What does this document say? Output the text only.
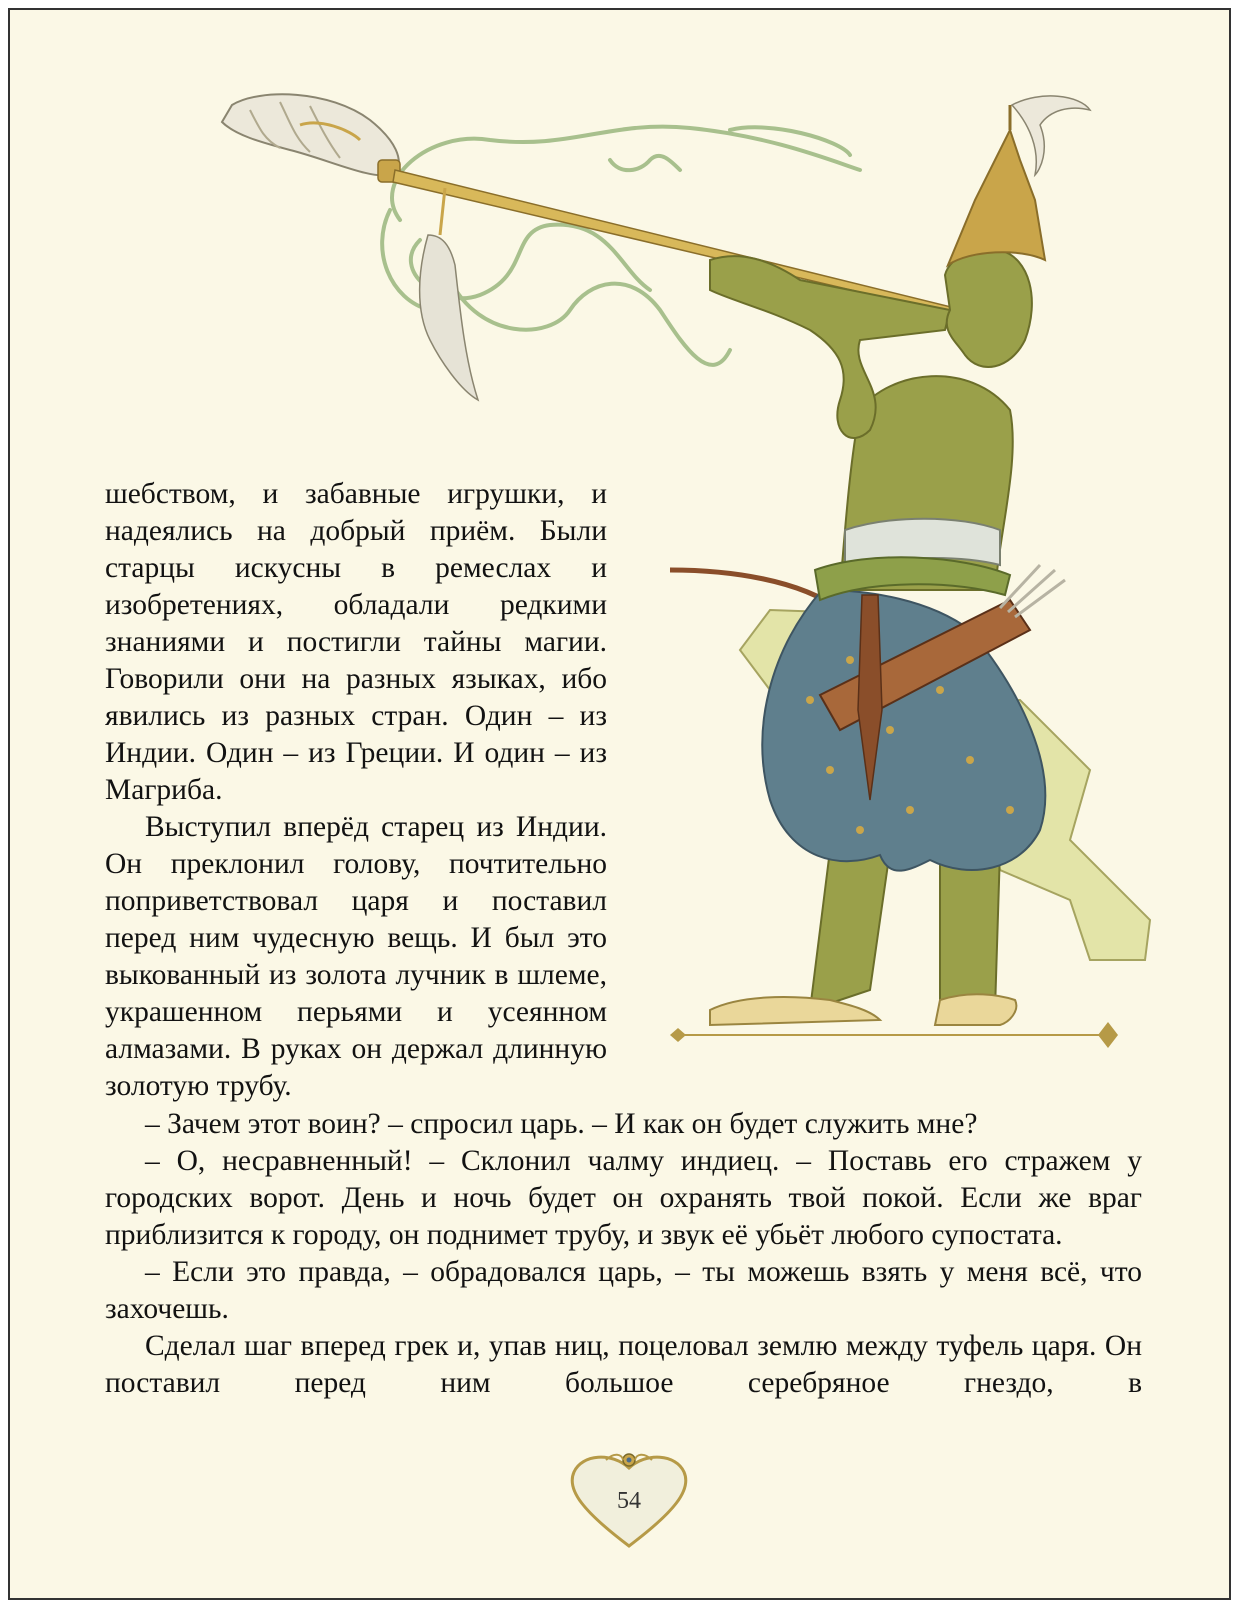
шебством, и забавные игрушки, и надеялись на добрый приём. Были старцы искусны в ремеслах и изобретениях, обладали редкими знаниями и постигли тайны магии. Говорили они на разных языках, ибо явились из разных стран. Один – из Индии. Один – из Греции. И один – из Магриба.

Выступил вперёд старец из Индии. Он преклонил голову, почтительно поприветствовал царя и поставил перед ним чудесную вещь. И был это выкованный из золота лучник в шлеме, украшенном перьями и усеянном алмазами. В руках он держал длинную золотую трубу.

– Зачем этот воин? – спросил царь. – И как он будет служить мне?

– О, несравненный! – Склонил чалму индиец. – Поставь его стражем у городских ворот. День и ночь будет он охранять твой покой. Если же враг приблизится к городу, он поднимет трубу, и звук её убьёт любого супостата.

– Если это правда, – обрадовался царь, – ты можешь взять у меня всё, что захочешь.

Сделал шаг вперед грек и, упав ниц, поцеловал землю между туфель царя. Он поставил перед ним большое серебряное гнездо, в

54
